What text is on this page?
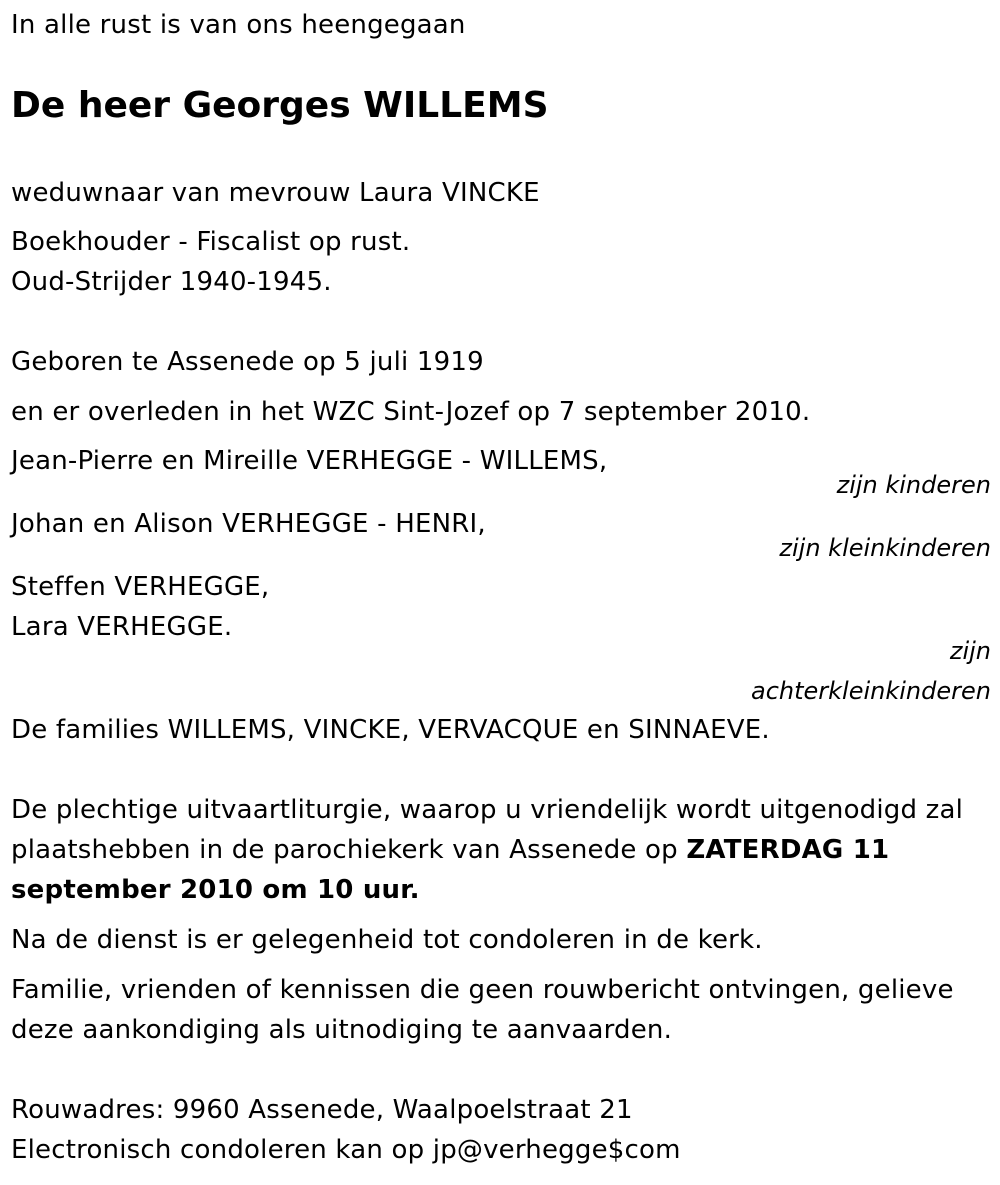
In alle rust is van ons heengegaan
De heer Georges WILLEMS
weduwnaar van mevrouw Laura VINCKE
Boekhouder - Fiscalist op rust.
Oud-Strijder 1940-1945.
Geboren te Assenede op 5 juli 1919
en er overleden in het WZC Sint-Jozef op 7 september 2010.
Jean-Pierre en Mireille VERHEGGE - WILLEMS,
zijn kinderen
Johan en Alison VERHEGGE - HENRI,
zijn kleinkinderen
Steffen VERHEGGE,
Lara VERHEGGE.
zijn
achterkleinkinderen
De families WILLEMS, VINCKE, VERVACQUE en SINNAEVE.
De plechtige uitvaartliturgie, waarop u vriendelijk wordt uitgenodigd zal
plaatshebben in de parochiekerk van Assenede op ZATERDAG 11
september 2010 om 10 uur.
Na de dienst is er gelegenheid tot condoleren in de kerk.
Familie, vrienden of kennissen die geen rouwbericht ontvingen, gelieve
deze aankondiging als uitnodiging te aanvaarden.
Rouwadres: 9960 Assenede, Waalpoelstraat 21
Electronisch condoleren kan op jp@verhegge$com
